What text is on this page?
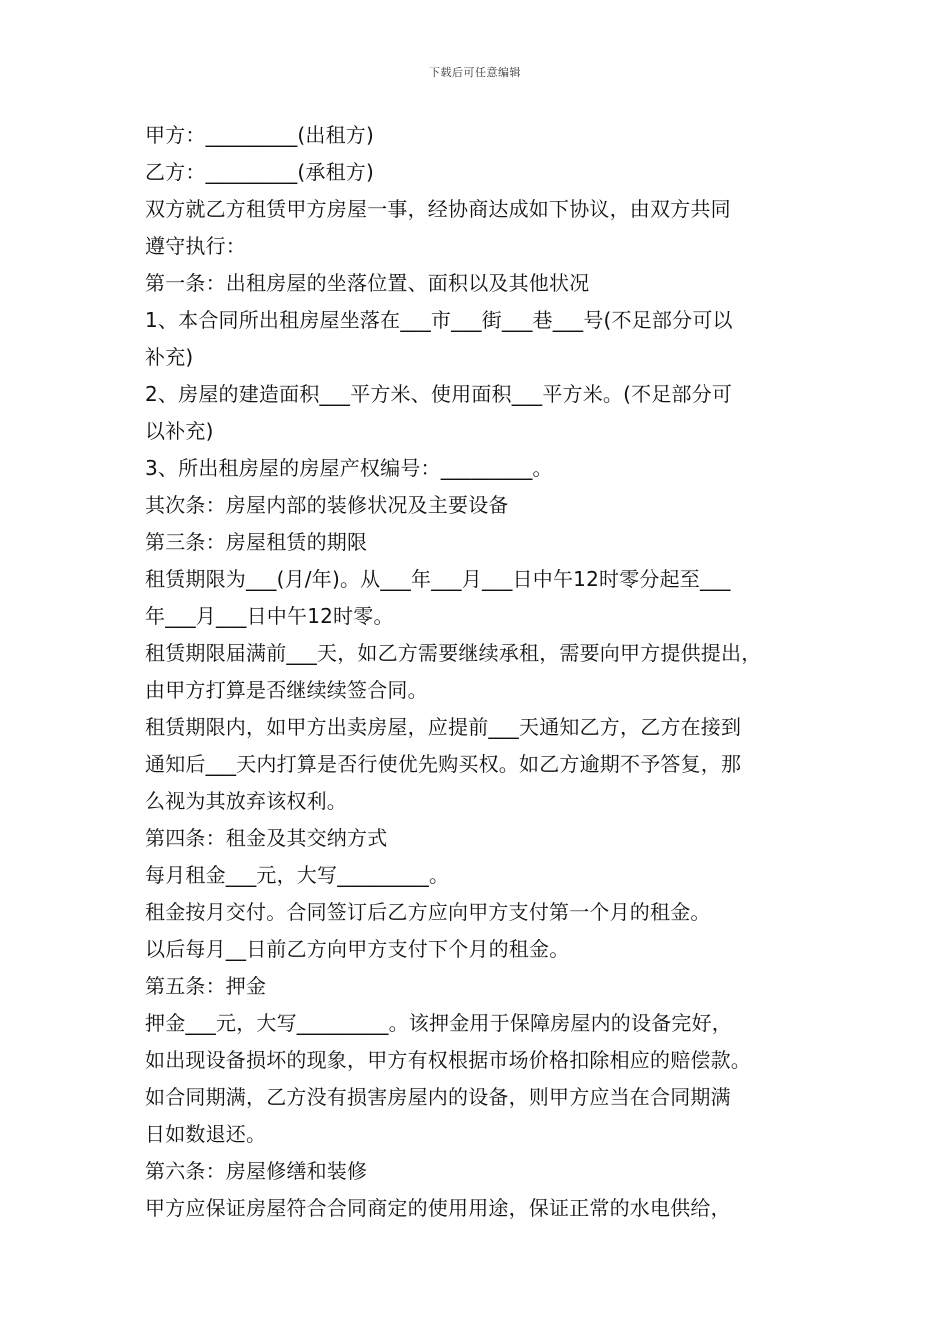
下载后可任意编辑
甲方：_________(出租方)
乙方：_________(承租方)
双方就乙方租赁甲方房屋一事，经协商达成如下协议，由双方共同
遵守执行：
第一条：出租房屋的坐落位置、面积以及其他状况
1、本合同所出租房屋坐落在___市___街___巷___号(不足部分可以
补充)
2、房屋的建造面积___平方米、使用面积___平方米。(不足部分可
以补充)
3、所出租房屋的房屋产权编号：_________。
其次条：房屋内部的装修状况及主要设备
第三条：房屋租赁的期限
租赁期限为___(月/年)。从___年___月___日中午12时零分起至___
年___月___日中午12时零。
租赁期限届满前___天，如乙方需要继续承租，需要向甲方提供提出，
由甲方打算是否继续续签合同。
租赁期限内，如甲方出卖房屋，应提前___天通知乙方，乙方在接到
通知后___天内打算是否行使优先购买权。如乙方逾期不予答复，那
么视为其放弃该权利。
第四条：租金及其交纳方式
每月租金___元，大写_________。
租金按月交付。合同签订后乙方应向甲方支付第一个月的租金。
以后每月__日前乙方向甲方支付下个月的租金。
第五条：押金
押金___元，大写_________。该押金用于保障房屋内的设备完好，
如出现设备损坏的现象，甲方有权根据市场价格扣除相应的赔偿款。
如合同期满，乙方没有损害房屋内的设备，则甲方应当在合同期满
日如数退还。
第六条：房屋修缮和装修
甲方应保证房屋符合合同商定的使用用途，保证正常的水电供给，
